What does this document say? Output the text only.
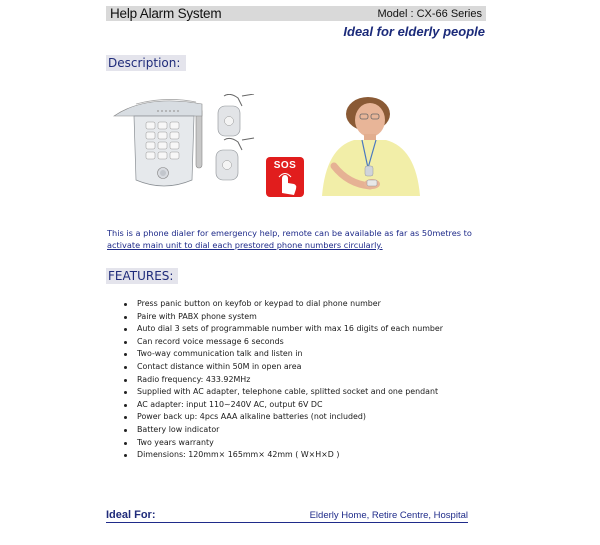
Help Alarm System	Model : CX-66 Series
Ideal for elderly people
Description:
SOS
This is a phone dialer for emergency help, remote can be available as far as 50metres to
activate main unit to dial each prestored phone numbers circularly.
FEATURES:
Press panic button on keyfob or keypad to dial phone number
Paire with PABX phone system
Auto dial 3 sets of programmable number with max 16 digits of each number
Can record voice message 6 seconds
Two-way communication talk and listen in
Contact distance within 50M in open area
Radio frequency: 433.92MHz
Supplied with AC adapter, telephone cable, splitted socket and one pendant
AC adapter: input 110~240V AC, output 6V DC
Power back up: 4pcs AAA alkaline batteries (not included)
Battery low indicator
Two years warranty
Dimensions: 120mm× 165mm× 42mm ( W×H×D )
Ideal For:	Elderly Home, Retire Centre, Hospital
